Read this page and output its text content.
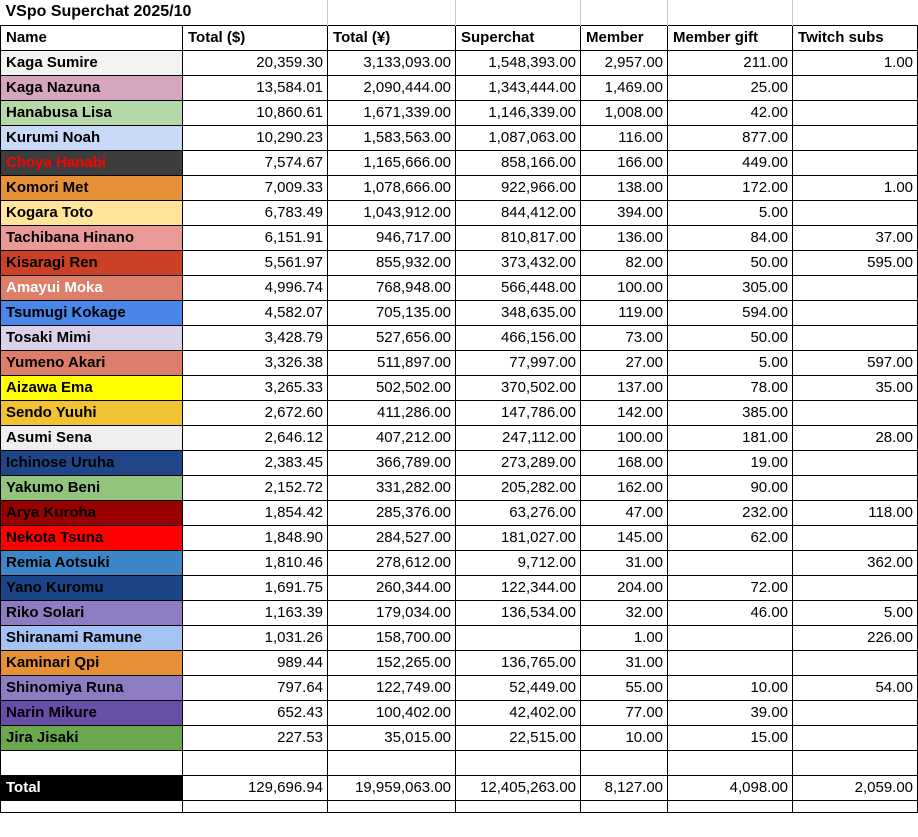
VSpo Superchat 2025/10						
Name	Total ($)	Total (¥)	Superchat	Member	Member gift	Twitch subs
Kaga Sumire	20,359.30	3,133,093.00	1,548,393.00	2,957.00	211.00	1.00
Kaga Nazuna	13,584.01	2,090,444.00	1,343,444.00	1,469.00	25.00	
Hanabusa Lisa	10,860.61	1,671,339.00	1,146,339.00	1,008.00	42.00	
Kurumi Noah	10,290.23	1,583,563.00	1,087,063.00	116.00	877.00	
Choya Hanabi	7,574.67	1,165,666.00	858,166.00	166.00	449.00	
Komori Met	7,009.33	1,078,666.00	922,966.00	138.00	172.00	1.00
Kogara Toto	6,783.49	1,043,912.00	844,412.00	394.00	5.00	
Tachibana Hinano	6,151.91	946,717.00	810,817.00	136.00	84.00	37.00
Kisaragi Ren	5,561.97	855,932.00	373,432.00	82.00	50.00	595.00
Amayui Moka	4,996.74	768,948.00	566,448.00	100.00	305.00	
Tsumugi Kokage	4,582.07	705,135.00	348,635.00	119.00	594.00	
Tosaki Mimi	3,428.79	527,656.00	466,156.00	73.00	50.00	
Yumeno Akari	3,326.38	511,897.00	77,997.00	27.00	5.00	597.00
Aizawa Ema	3,265.33	502,502.00	370,502.00	137.00	78.00	35.00
Sendo Yuuhi	2,672.60	411,286.00	147,786.00	142.00	385.00	
Asumi Sena	2,646.12	407,212.00	247,112.00	100.00	181.00	28.00
Ichinose Uruha	2,383.45	366,789.00	273,289.00	168.00	19.00	
Yakumo Beni	2,152.72	331,282.00	205,282.00	162.00	90.00	
Arya Kuroha	1,854.42	285,376.00	63,276.00	47.00	232.00	118.00
Nekota Tsuna	1,848.90	284,527.00	181,027.00	145.00	62.00	
Remia Aotsuki	1,810.46	278,612.00	9,712.00	31.00		362.00
Yano Kuromu	1,691.75	260,344.00	122,344.00	204.00	72.00	
Riko Solari	1,163.39	179,034.00	136,534.00	32.00	46.00	5.00
Shiranami Ramune	1,031.26	158,700.00		1.00		226.00
Kaminari Qpi	989.44	152,265.00	136,765.00	31.00		
Shinomiya Runa	797.64	122,749.00	52,449.00	55.00	10.00	54.00
Narin Mikure	652.43	100,402.00	42,402.00	77.00	39.00	
Jira Jisaki	227.53	35,015.00	22,515.00	10.00	15.00	

Total	129,696.94	19,959,063.00	12,405,263.00	8,127.00	4,098.00	2,059.00
